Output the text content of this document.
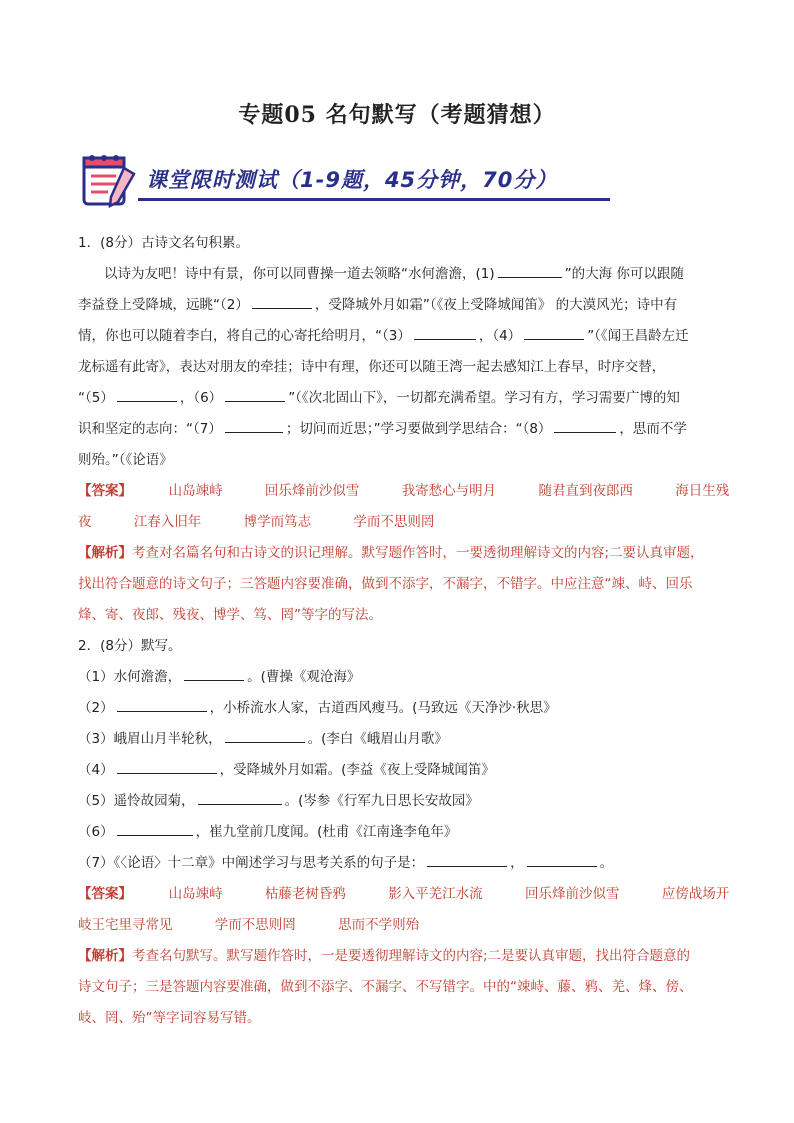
专题05 名句默写（考题猜想）
课堂限时测试（1-9题，45分钟，70分）
1．(8分）古诗文名句积累。
以诗为友吧！诗中有景，你可以同曹操一道去领略“水何澹澹，(1)	”的大海 你可以跟随
李益登上受降城，远眺“（2）	，受降城外月如霜”（《夜上受降城闻笛》 的大漠风光；诗中有
情，你也可以随着李白，将自己的心寄托给明月，“（3）	，（4）	”（《闻王昌龄左迁
龙标遥有此寄》，表达对朋友的牵挂；诗中有理，你还可以随王湾一起去感知江上春早，时序交替，
“（5）	，（6）	”（《次北固山下》，一切都充满希望。学习有方，学习需要广博的知
识和坚定的志向：“（7）	；切问而近思；”学习要做到学思结合：“（8）	，思而不学
则殆。”（《论语》
【答案】	山岛竦峙	回乐烽前沙似雪	我寄愁心与明月	随君直到夜郎西	海日生残
夜	江春入旧年	博学而笃志	学而不思则罔
【解析】考查对名篇名句和古诗文的识记理解。默写题作答时，一要透彻理解诗文的内容;二要认真审题，
找出符合题意的诗文句子；三答题内容要准确，做到不添字，不漏字，不错字。中应注意“竦、峙、回乐
烽、寄、夜郎、残夜、博学、笃、罔”等字的写法。
2．(8分）默写。
（1）水何澹澹，	。(曹操《观沧海》
（2）	，小桥流水人家，古道西风瘦马。(马致远《天净沙·秋思》
（3）峨眉山月半轮秋，	。(李白《峨眉山月歌》
（4）	，受降城外月如霜。(李益《夜上受降城闻笛》
（5）遥怜故园菊，	。(岑参《行军九日思长安故园》
（6）	，崔九堂前几度闻。(杜甫《江南逢李龟年》
（7）《〈论语〉十二章》中阐述学习与思考关系的句子是：	，	。
【答案】	山岛竦峙	枯藤老树昏鸦	影入平羌江水流	回乐烽前沙似雪	应傍战场开
岐王宅里寻常见	学而不思则罔	思而不学则殆
【解析】考查名句默写。默写题作答时，一是要透彻理解诗文的内容;二是要认真审题，找出符合题意的
诗文句子；三是答题内容要准确，做到不添字、不漏字、不写错字。中的“竦峙、藤、鸦、羌、烽、傍、
岐、罔、殆”等字词容易写错。
